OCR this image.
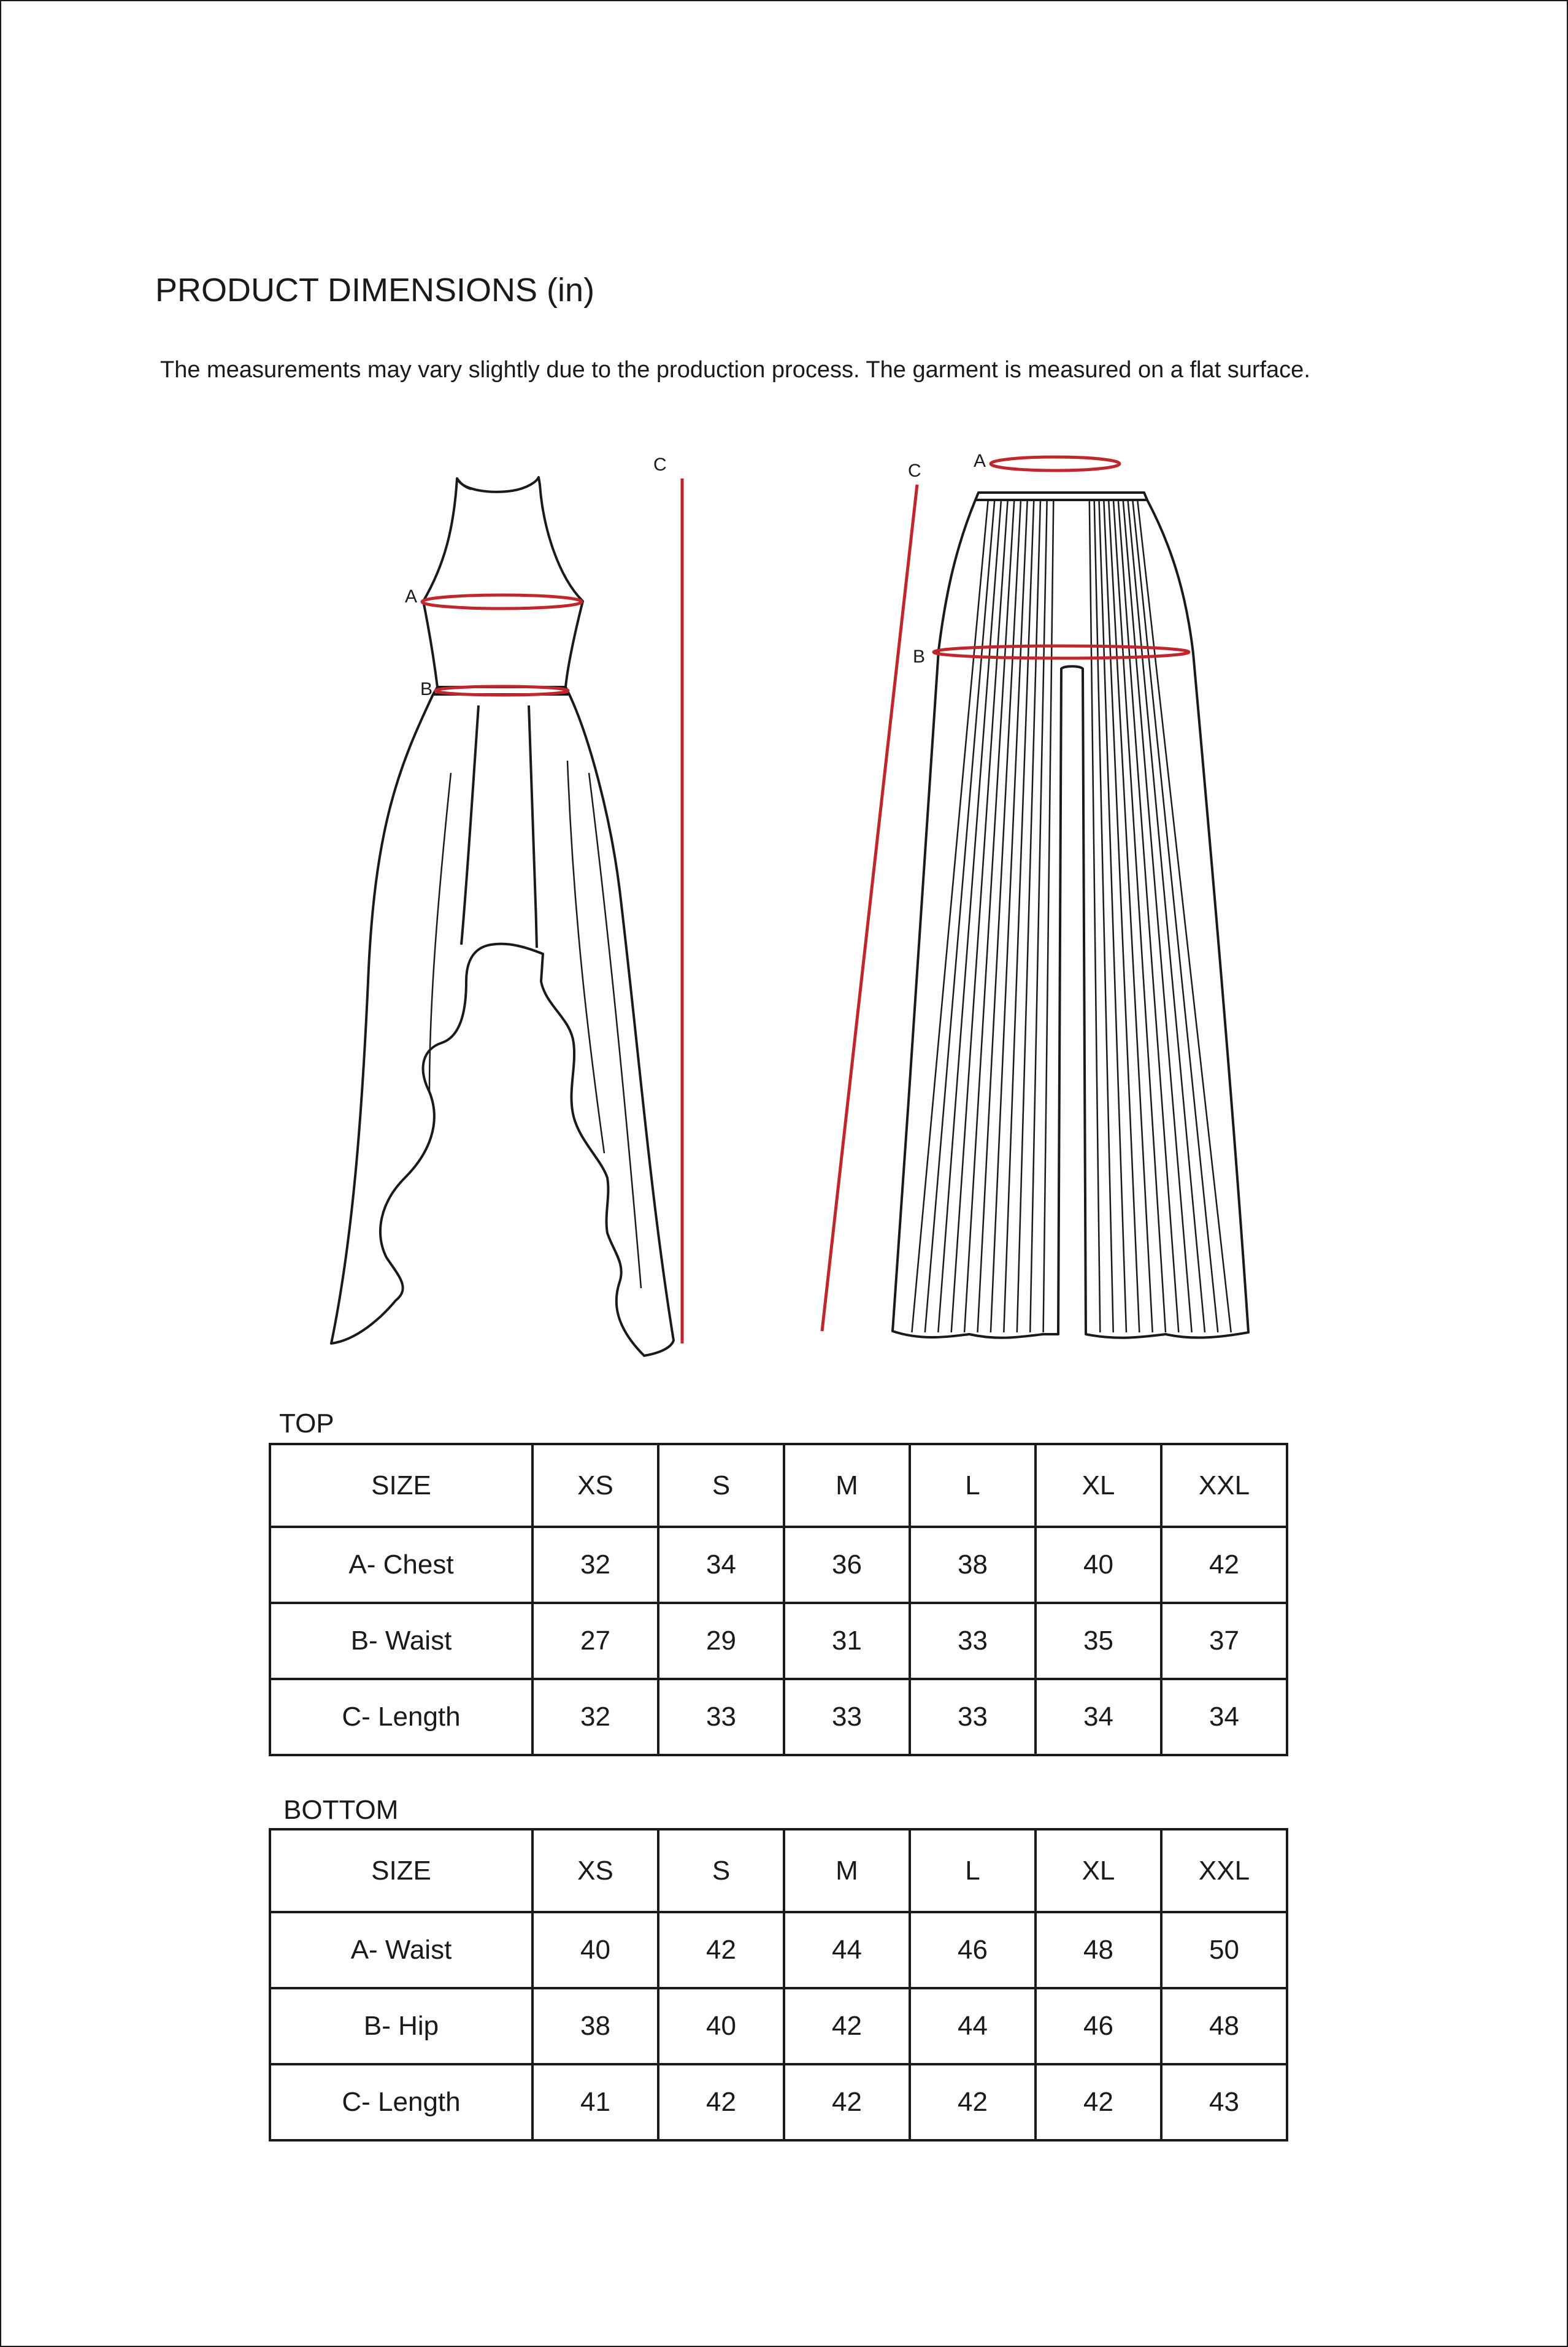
PRODUCT DIMENSIONS (in)
The measurements may vary slightly due to the production process. The garment is measured on a flat surface.
A
B
C	A
B
C
TOP
SIZE	XS	S	M	L	XL	XXL
A- Chest	32	34	36	38	40	42
B- Waist	27	29	31	33	35	37
C- Length	32	33	33	33	34	34
BOTTOM
SIZE	XS	S	M	L	XL	XXL
A- Waist	40	42	44	46	48	50
B- Hip	38	40	42	44	46	48
C- Length	41	42	42	42	42	43
